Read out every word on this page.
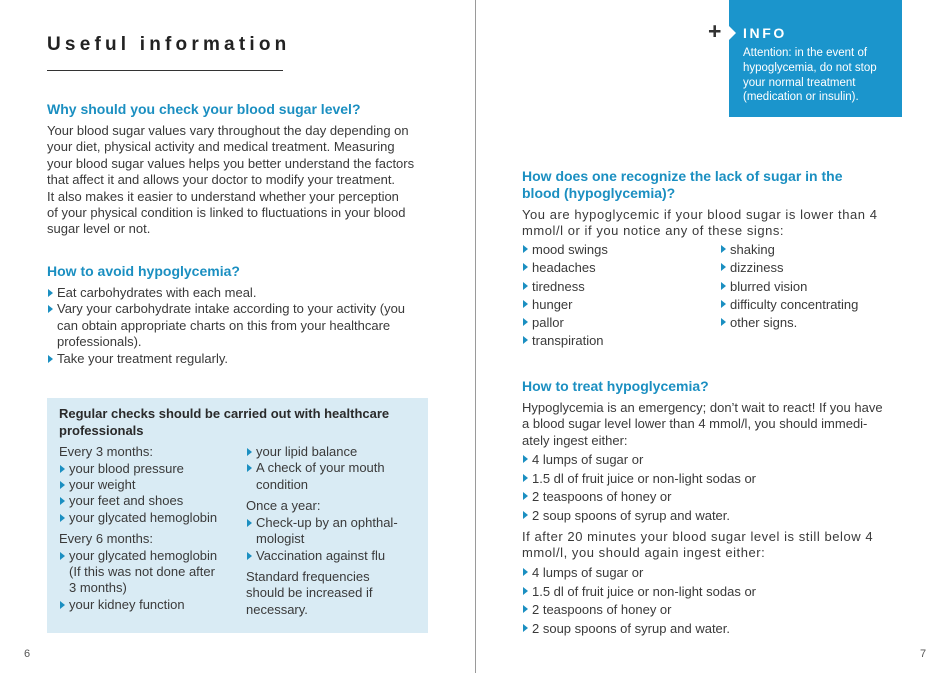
Useful information
Why should you check your blood sugar level?

Your blood sugar values vary throughout the day depending on
your diet, physical activity and medical treatment. Measuring
your blood sugar values helps you better understand the factors
that affect it and allows your doctor to modify your treatment.
It also makes it easier to understand whether your perception
of your physical condition is linked to fluctuations in your blood
sugar level or not.

How to avoid hypoglycemia?
Eat carbohydrates with each meal.
Vary your carbohydrate intake according to your activity (you
can obtain appropriate charts on this from your healthcare
professionals).
Take your treatment regularly.
Regular checks should be carried out with healthcare
professionals

Every 3 months:

your blood pressure
your weight
your feet and shoes
your glycated hemoglobin

Every 6 months:

your glycated hemoglobin
(If this was not done after
3 months)
your kidney function
your lipid balance
A check of your mouth
condition

Once a year:

Check-up by an ophthal-
mologist
Vaccination against flu

Standard frequencies
should be increased if
necessary.

6
+ INFO
Attention: in the event of
hypoglycemia, do not stop
your normal treatment
(medication or insulin).
How does one recognize the lack of sugar in the
blood (hypoglycemia)?

You are hypoglycemic if your blood sugar is lower than 4
mmol/l or if you notice any of these signs:

mood swings
headaches
tiredness
hunger
pallor
transpiration
shaking
dizziness
blurred vision
difficulty concentrating
other signs.
How to treat hypoglycemia?

Hypoglycemia is an emergency; don’t wait to react! If you have
a blood sugar level lower than 4 mmol/l, you should immedi-
ately ingest either:

4 lumps of sugar or
1.5 dl of fruit juice or non-light sodas or
2 teaspoons of honey or
2 soup spoons of syrup and water.

If after 20 minutes your blood sugar level is still below 4
mmol/l, you should again ingest either:

4 lumps of sugar or
1.5 dl of fruit juice or non-light sodas or
2 teaspoons of honey or
2 soup spoons of syrup and water.
7
